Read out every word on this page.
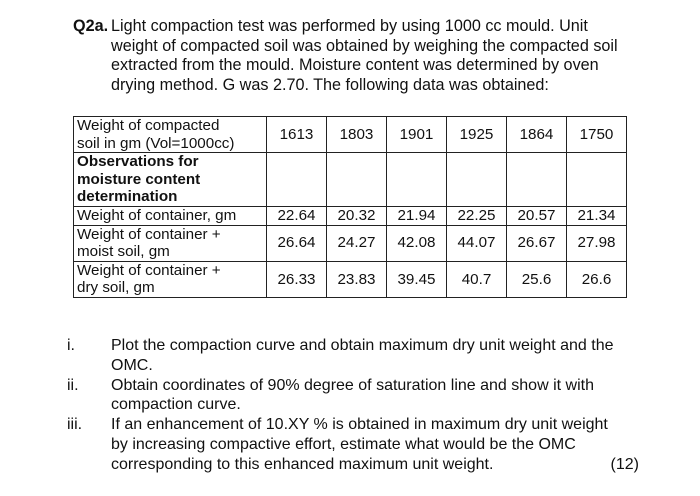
Q2a. Light compaction test was performed by using 1000 cc mould. Unit
weight of compacted soil was obtained by weighing the compacted soil
extracted from the mould. Moisture content was determined by oven
drying method. G was 2.70. The following data was obtained:
Weight of compacted
soil in gm (Vol=1000cc)	1613	1803	1901	1925	1864	1750

Observations for
moisture content
determination						

Weight of container, gm	22.64	20.32	21.94	22.25	20.57	21.34

Weight of container +
moist soil, gm	26.64	24.27	42.08	44.07	26.67	27.98

Weight of container +
dry soil, gm	26.33	23.83	39.45	40.7	25.6	26.6
i. Plot the compaction curve and obtain maximum dry unit weight and the
OMC.
ii. Obtain coordinates of 90% degree of saturation line and show it with
compaction curve.
iii. If an enhancement of 10.XY % is obtained in maximum dry unit weight
by increasing compactive effort, estimate what would be the OMC
corresponding to this enhanced maximum unit weight.	(12)
